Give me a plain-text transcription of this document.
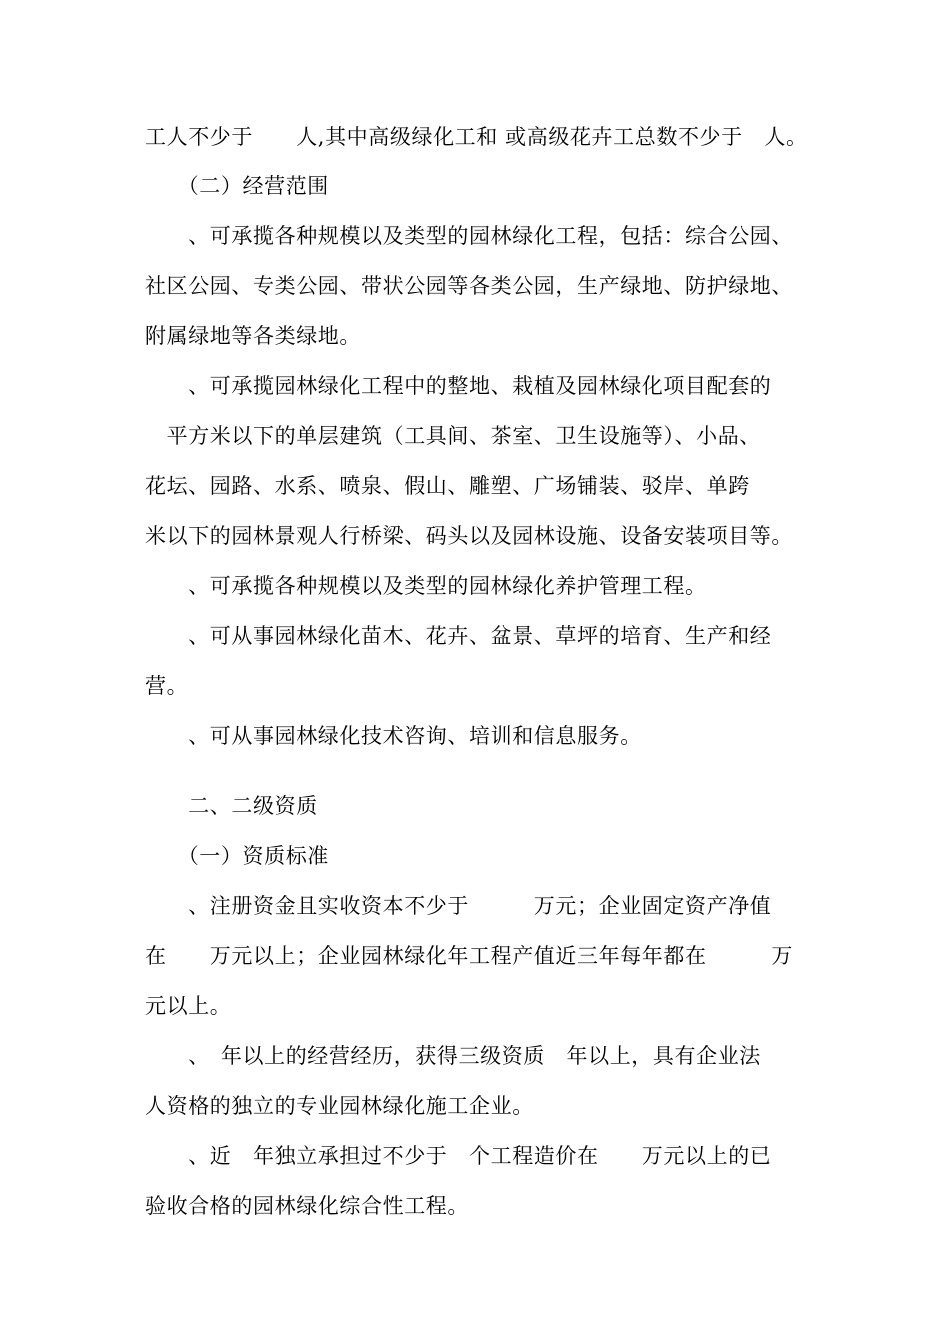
工人不少于　　人,其中高级绿化工和 或高级花卉工总数不少于　人。
　　（二）经营范围
　　、可承揽各种规模以及类型的园林绿化工程，包括：综合公园、
社区公园、专类公园、带状公园等各类公园，生产绿地、防护绿地、
附属绿地等各类绿地。
　　、可承揽园林绿化工程中的整地、栽植及园林绿化项目配套的
　平方米以下的单层建筑（工具间、茶室、卫生设施等）、小品、
花坛、园路、水系、喷泉、假山、雕塑、广场铺装、驳岸、单跨
米以下的园林景观人行桥梁、码头以及园林设施、设备安装项目等。
　　、可承揽各种规模以及类型的园林绿化养护管理工程。
　　、可从事园林绿化苗木、花卉、盆景、草坪的培育、生产和经
营。
　　、可从事园林绿化技术咨询、培训和信息服务。
　　二、二级资质
　　（一）资质标准
　　、注册资金且实收资本不少于　　　万元；企业固定资产净值
在　　万元以上；企业园林绿化年工程产值近三年每年都在　　　万
元以上。
　　、　年以上的经营经历，获得三级资质　年以上，具有企业法
人资格的独立的专业园林绿化施工企业。
　　、近　年独立承担过不少于　个工程造价在　　万元以上的已
验收合格的园林绿化综合性工程。
